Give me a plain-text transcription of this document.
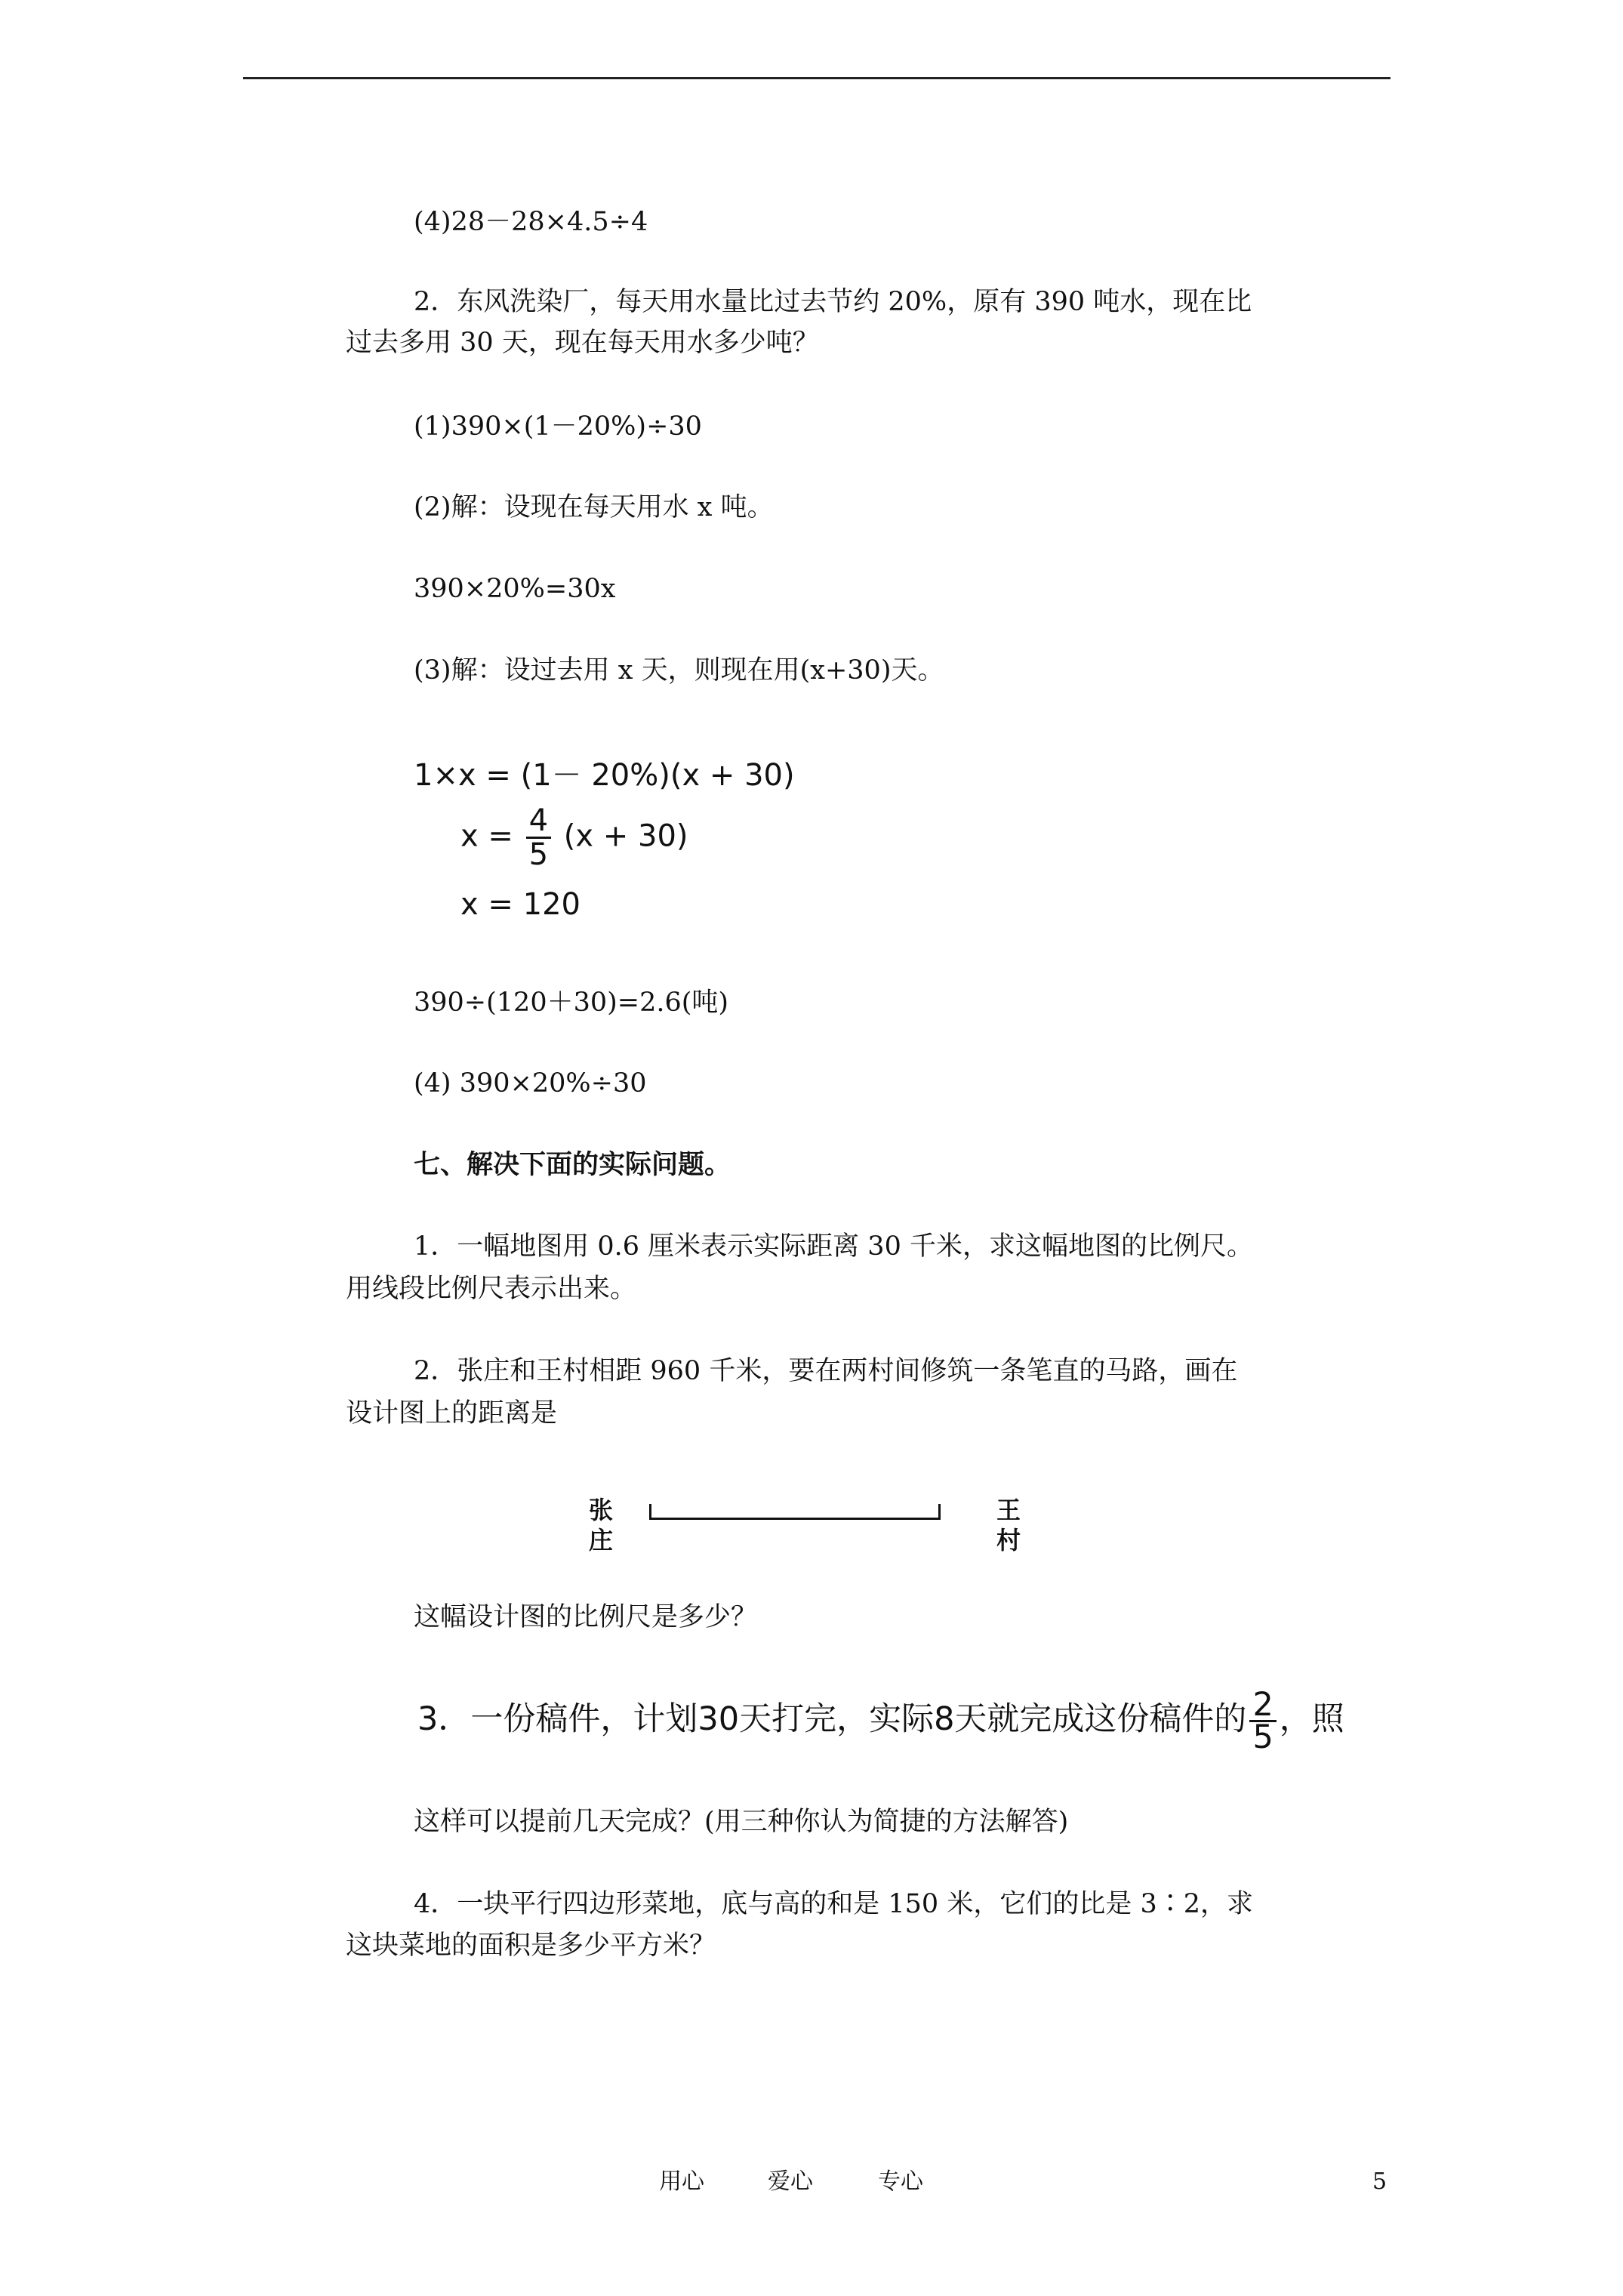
(4)28－28×4.5÷4
2．东风洗染厂，每天用水量比过去节约 20%，原有 390 吨水，现在比
过去多用 30 天，现在每天用水多少吨？
(1)390×(1－20%)÷30
(2)解：设现在每天用水 x 吨。
390×20%=30x
(3)解：设过去用 x 天，则现在用(x+30)天。
1×x = (1－ 20%)(x + 30)
$x = \frac{4}{5} (x + 30)$
x = 120
390÷(120＋30)=2.6(吨)
(4) 390×20%÷30
七、解决下面的实际问题。
1．一幅地图用 0.6 厘米表示实际距离 30 千米，求这幅地图的比例尺。
用线段比例尺表示出来。
2．张庄和王村相距 960 千米，要在两村间修筑一条笔直的马路，画在
设计图上的距离是
张庄
王村
这幅设计图的比例尺是多少？
3．一份稿件，计划30天打完，实际8天就完成这份稿件的 $\frac{2}{5}$ ，照
这样可以提前几天完成？(用三种你认为简捷的方法解答)
4．一块平行四边形菜地，底与高的和是 150 米，它们的比是 3∶2，求
这块菜地的面积是多少平方米？
用心	爱心	专心	5
